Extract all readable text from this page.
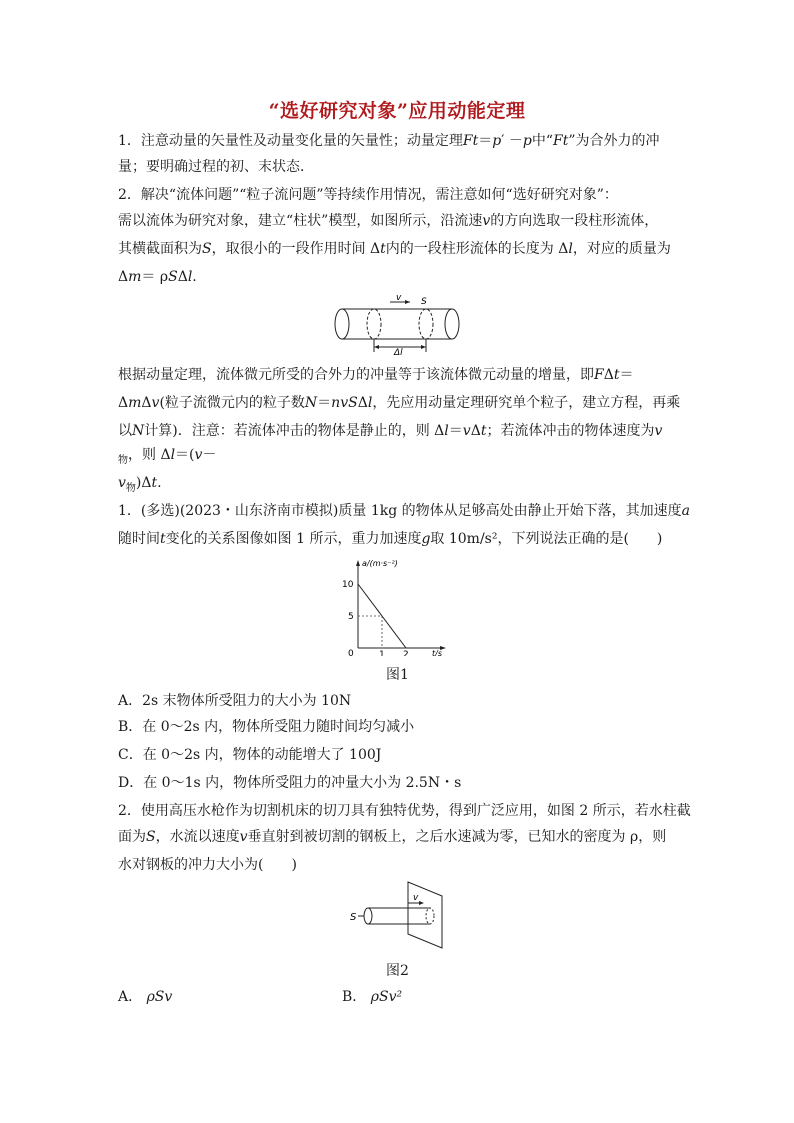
“选好研究对象”应用动能定理
1．注意动量的矢量性及动量变化量的矢量性；动量定理Ft＝p′ －p中“Ft”为合外力的冲
量；要明确过程的初、末状态．
2．解决“流体问题”“粒子流问题”等持续作用情况，需注意如何“选好研究对象”：
需以流体为研究对象，建立“柱状”模型，如图所示，沿流速v的方向选取一段柱形流体，
其横截面积为S，取很小的一段作用时间 Δt内的一段柱形流体的长度为 Δl，对应的质量为
Δm＝ ρSΔl.
v S
Δl
根据动量定理，流体微元所受的合外力的冲量等于该流体微元动量的增量，即FΔt＝
ΔmΔv(粒子流微元内的粒子数N＝nvSΔl，先应用动量定理研究单个粒子，建立方程，再乘
以N计算)．注意：若流体冲击的物体是静止的，则 Δl＝vΔt；若流体冲击的物体速度为v
$_物$，则 Δl＝(v－
$v_物)\Delta t$.
1．(多选)(2023・山东济南市模拟)质量 1kg 的物体从足够高处由静止开始下落，其加速度a
随时间t变化的关系图像如图 1 所示，重力加速度g取 10m/s²，下列说法正确的是(　　)
a/(m·s⁻²)
t/s
0	1 2
5
10
图1
A．2s 末物体所受阻力的大小为 10N
B．在 0～2s 内，物体所受阻力随时间均匀减小
C．在 0～2s 内，物体的动能增大了 100J
D．在 0～1s 内，物体所受阻力的冲量大小为 2.5N・s
2．使用高压水枪作为切割机床的切刀具有独特优势，得到广泛应用，如图 2 所示，若水柱截
面为S，水流以速度v垂直射到被切割的钢板上，之后水速减为零，已知水的密度为 ρ，则
水对钢板的冲力大小为(　　)
v
S
图2
A． ρSv	B． ρSv²
